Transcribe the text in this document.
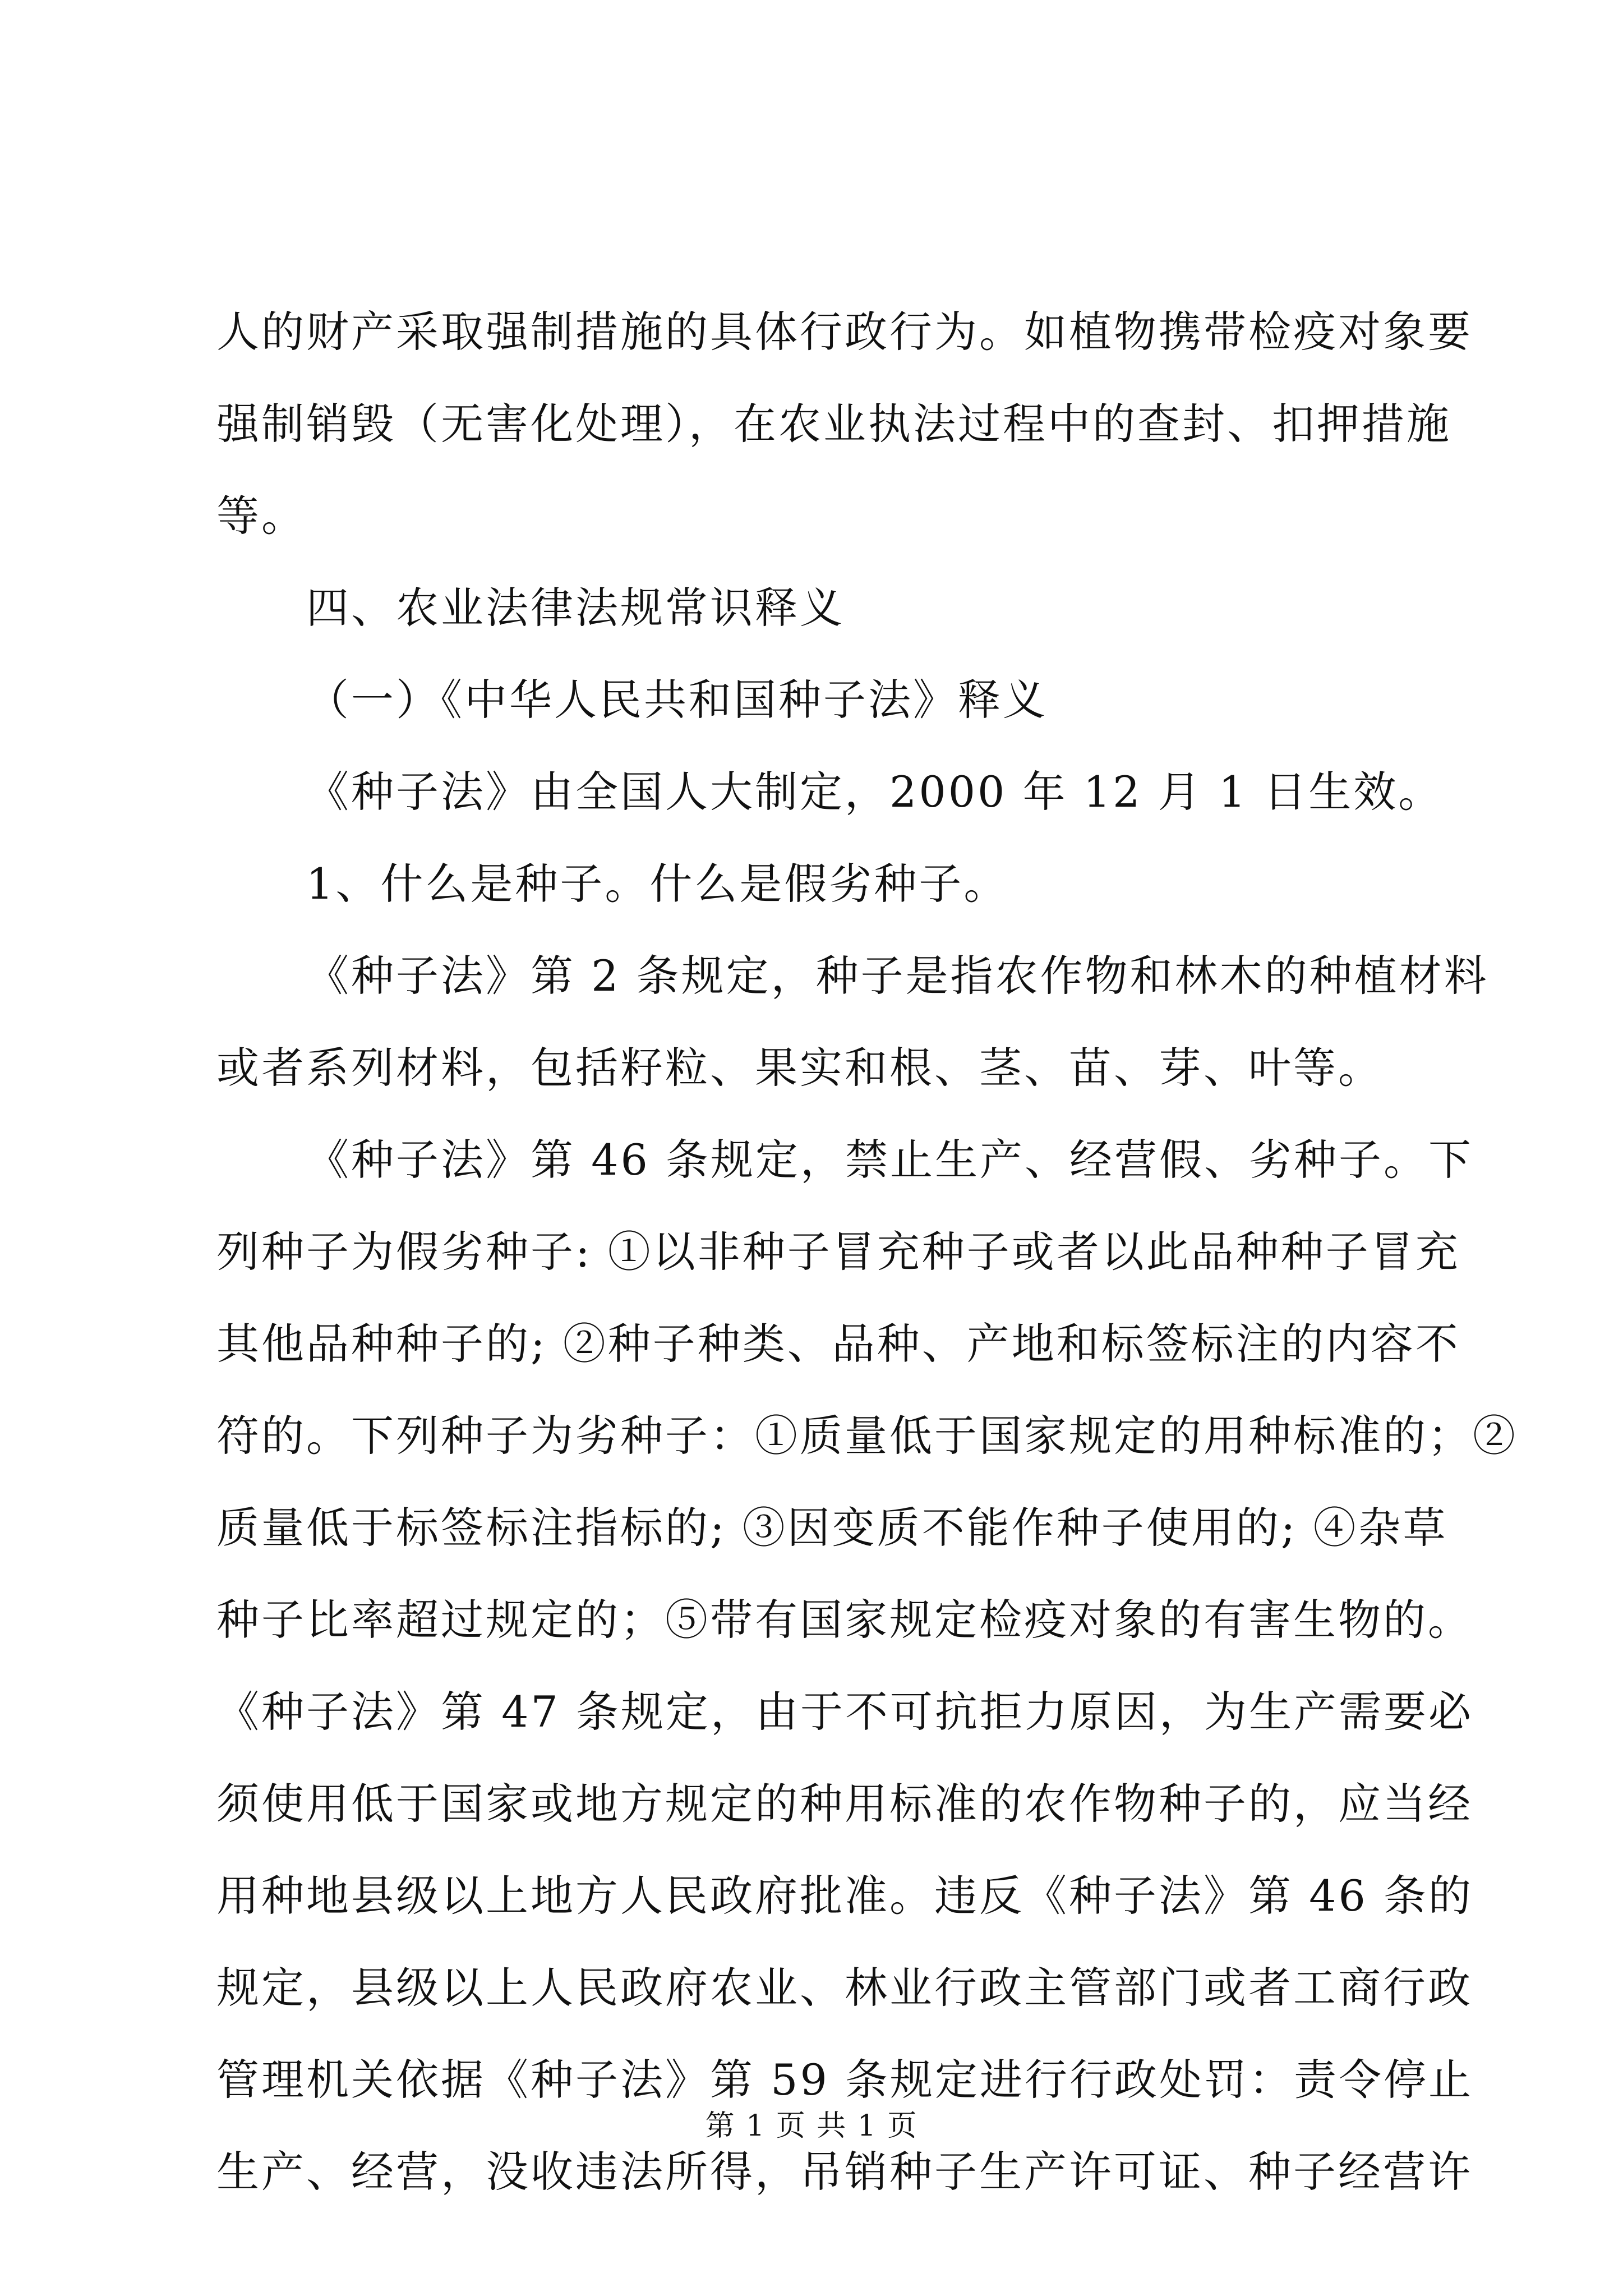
人的财产采取强制措施的具体行政行为。如植物携带检疫对象要
强制销毁（无害化处理），在农业执法过程中的查封、扣押措施
等。
四、农业法律法规常识释义
（一）《中华人民共和国种子法》释义
《种子法》由全国人大制定，2000 年 12 月 1 日生效。
1、什么是种子。什么是假劣种子。
《种子法》第 2 条规定，种子是指农作物和林木的种植材料
或者系列材料，包括籽粒、果实和根、茎、苗、芽、叶等。
《种子法》第 46 条规定，禁止生产、经营假、劣种子。下
列种子为假劣种子: ①以非种子冒充种子或者以此品种种子冒充
其他品种种子的; ②种子种类、品种、产地和标签标注的内容不
符的。下列种子为劣种子：①质量低于国家规定的用种标准的；②
质量低于标签标注指标的; ③因变质不能作种子使用的; ④杂草
种子比率超过规定的；⑤带有国家规定检疫对象的有害生物的。
《种子法》第 47 条规定，由于不可抗拒力原因，为生产需要必
须使用低于国家或地方规定的种用标准的农作物种子的，应当经
用种地县级以上地方人民政府批准。违反《种子法》第 46 条的
规定，县级以上人民政府农业、林业行政主管部门或者工商行政
管理机关依据《种子法》第 59 条规定进行行政处罚：责令停止
生产、经营，没收违法所得，吊销种子生产许可证、种子经营许
第 1 页 共 1 页
